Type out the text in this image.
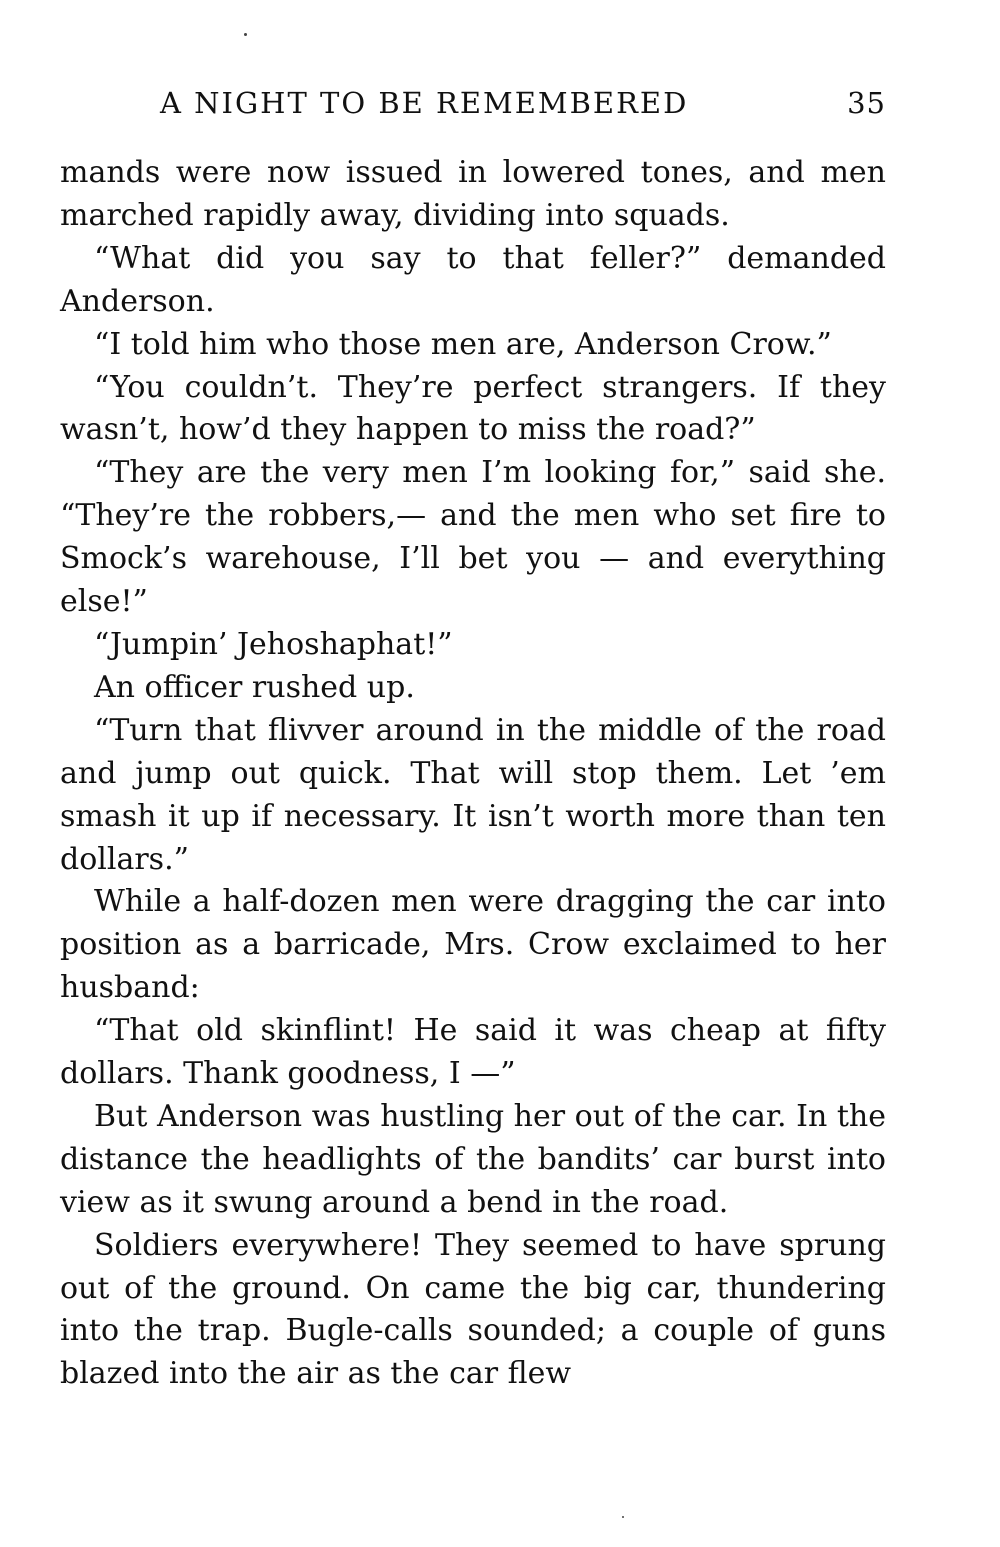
A NIGHT TO BE REMEMBERED	35

mands were now issued in lowered tones, and men marched rapidly away, dividing into squads.

“What did you say to that feller?” demanded Anderson.

“I told him who those men are, Anderson Crow.”

“You couldn’t. They’re perfect strangers. If they wasn’t, how’d they happen to miss the road?”

“They are the very men I’m looking for,” said she. “They’re the robbers,— and the men who set fire to Smock’s warehouse, I’ll bet you — and everything else!”

“Jumpin’ Jehoshaphat!”

An officer rushed up.

“Turn that flivver around in the middle of the road and jump out quick. That will stop them. Let ’em smash it up if necessary. It isn’t worth more than ten dollars.”

While a half-dozen men were dragging the car into position as a barricade, Mrs. Crow exclaimed to her husband:

“That old skinflint! He said it was cheap at fifty dollars. Thank goodness, I —”

But Anderson was hustling her out of the car. In the distance the headlights of the bandits’ car burst into view as it swung around a bend in the road.

Soldiers everywhere! They seemed to have sprung out of the ground. On came the big car, thundering into the trap. Bugle-calls sounded; a couple of guns blazed into the air as the car flew
